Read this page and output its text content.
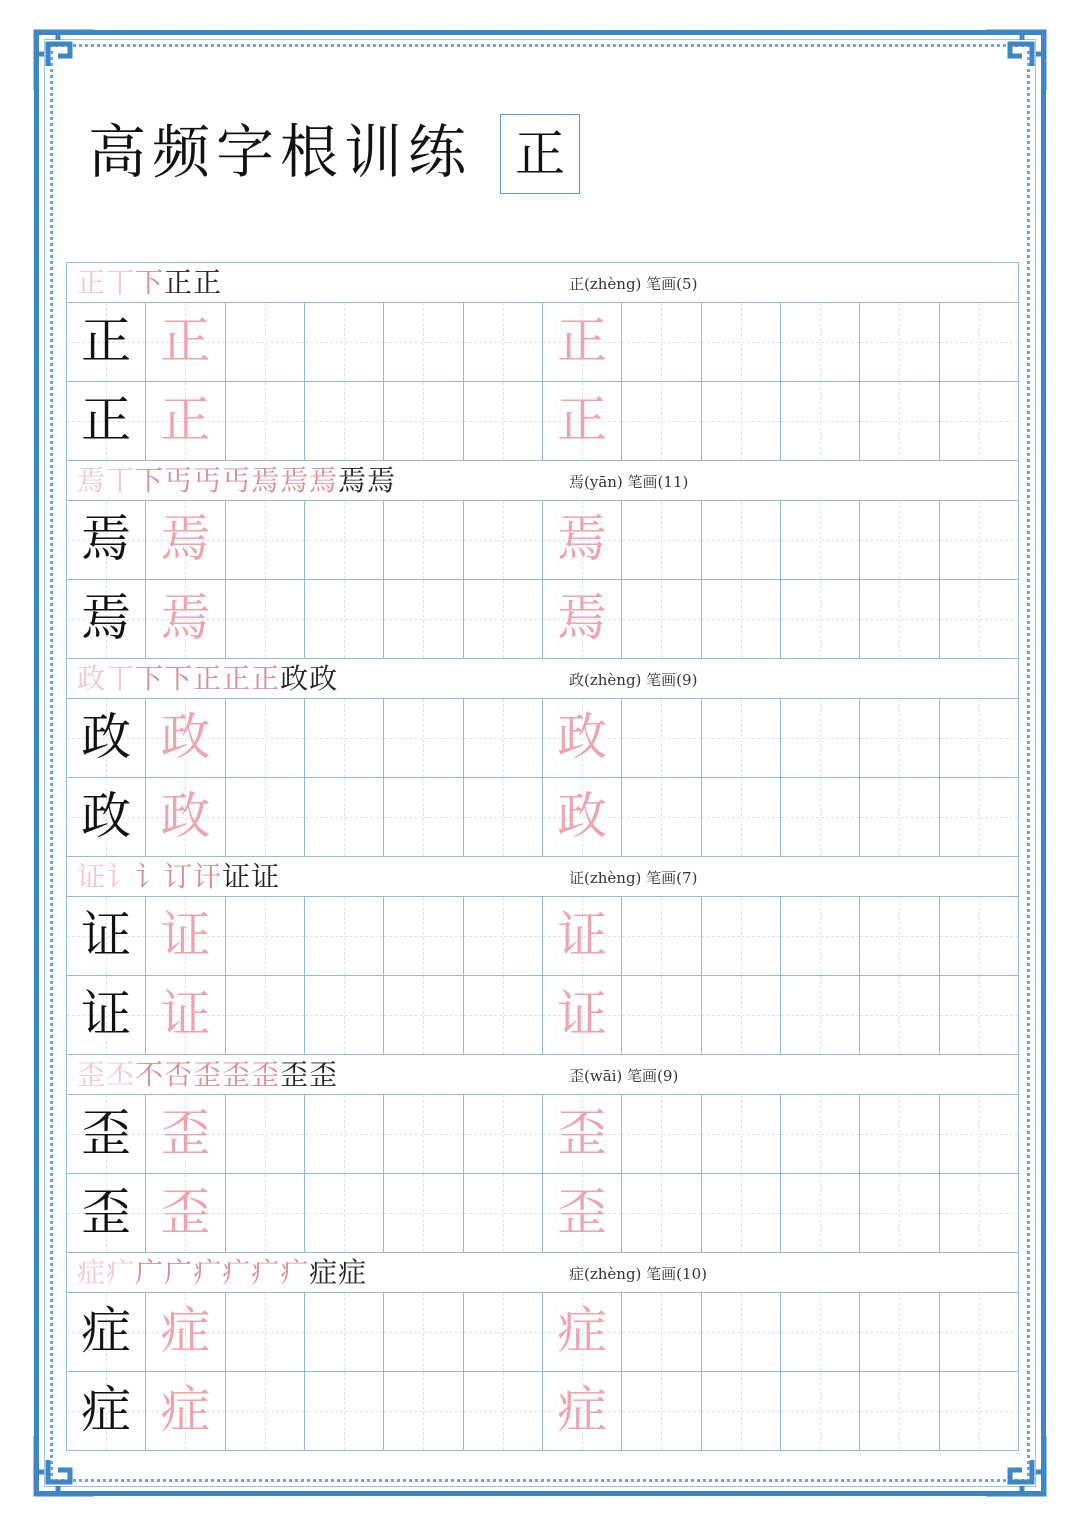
高频字根训练 正
正丅下正正	正(zhèng) 笔画(5)
正 正	正
正 正	正
焉丅下丐丐丐焉焉焉焉焉	焉(yān) 笔画(11)
焉 焉	焉
焉 焉	焉
政丅下下正正正政政	政(zhèng) 笔画(9)
政 政	政
政 政	政
证讠讠订讦证证	证(zhèng) 笔画(7)
证 证	证
证 证	证
歪丕不否歪歪歪歪歪	歪(wāi) 笔画(9)
歪 歪	歪
歪 歪	歪
症疒广广疒疒疒疒症症	症(zhèng) 笔画(10)
症 症	症
症 症	症
